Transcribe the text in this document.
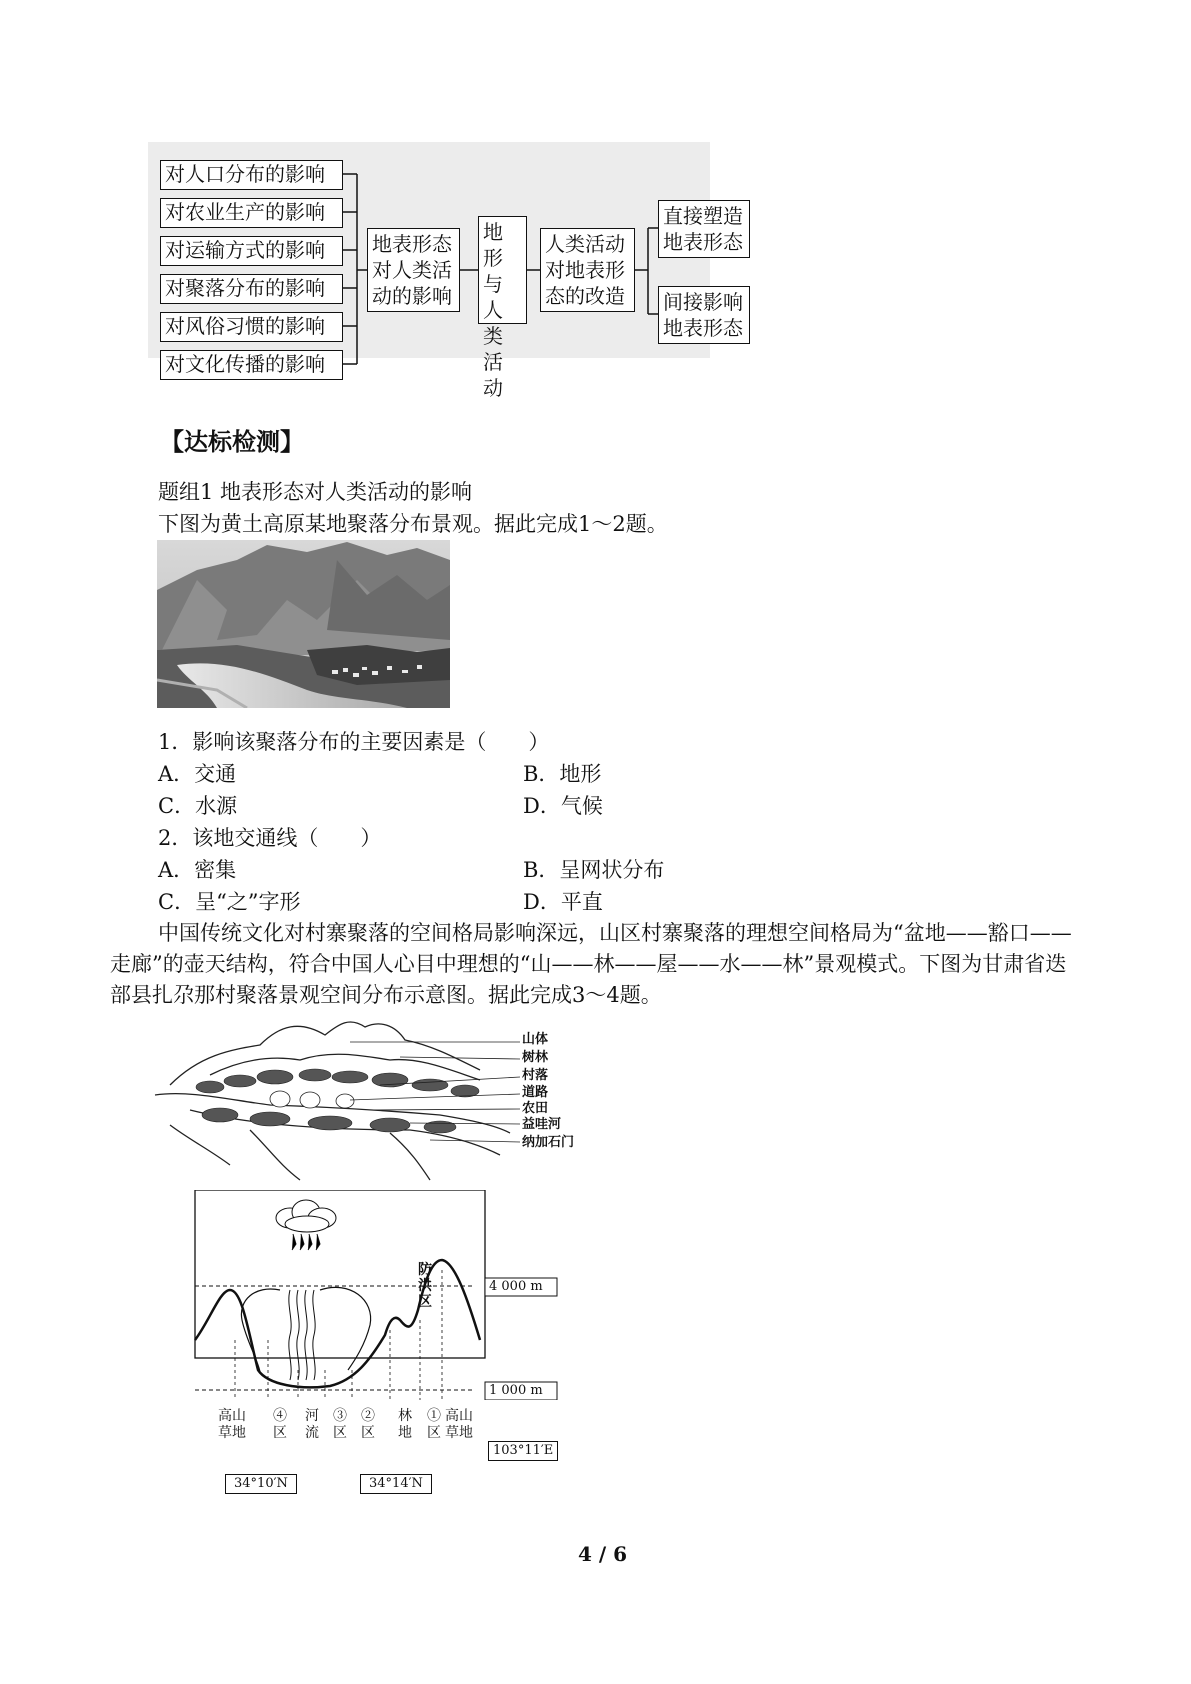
对人口分布的影响
对农业生产的影响
对运输方式的影响
对聚落分布的影响
对风俗习惯的影响
对文化传播的影响
地表形态
对人类活
动的影响
地形
与人
类活
动
人类活动
对地表形
态的改造
直接塑造
地表形态
间接影响
地表形态
【达标检测】
题组1 地表形态对人类活动的影响
下图为黄土高原某地聚落分布景观。据此完成1～2题。
1．影响该聚落分布的主要因素是（　　）
A．交通	B．地形
C．水源	D．气候
2．该地交通线（　　）
A．密集	B．呈网状分布
C．呈“之”字形	D．平直
中国传统文化对村寨聚落的空间格局影响深远，山区村寨聚落的理想空间格局为“盆地——豁口——走廊”的壶天结构，符合中国人心目中理想的“山——林——屋——水——林”景观模式。下图为甘肃省迭部县扎尕那村聚落景观空间分布示意图。据此完成3～4题。
山体
树林
村落
道路
农田
益哇河
纳加石门
4 000 m
1 000 m
防洪区
高山草地
④区
河流
③区
②区
林地
①区
高山草地
103°11′E
34°10′N	34°14′N
4 / 6
